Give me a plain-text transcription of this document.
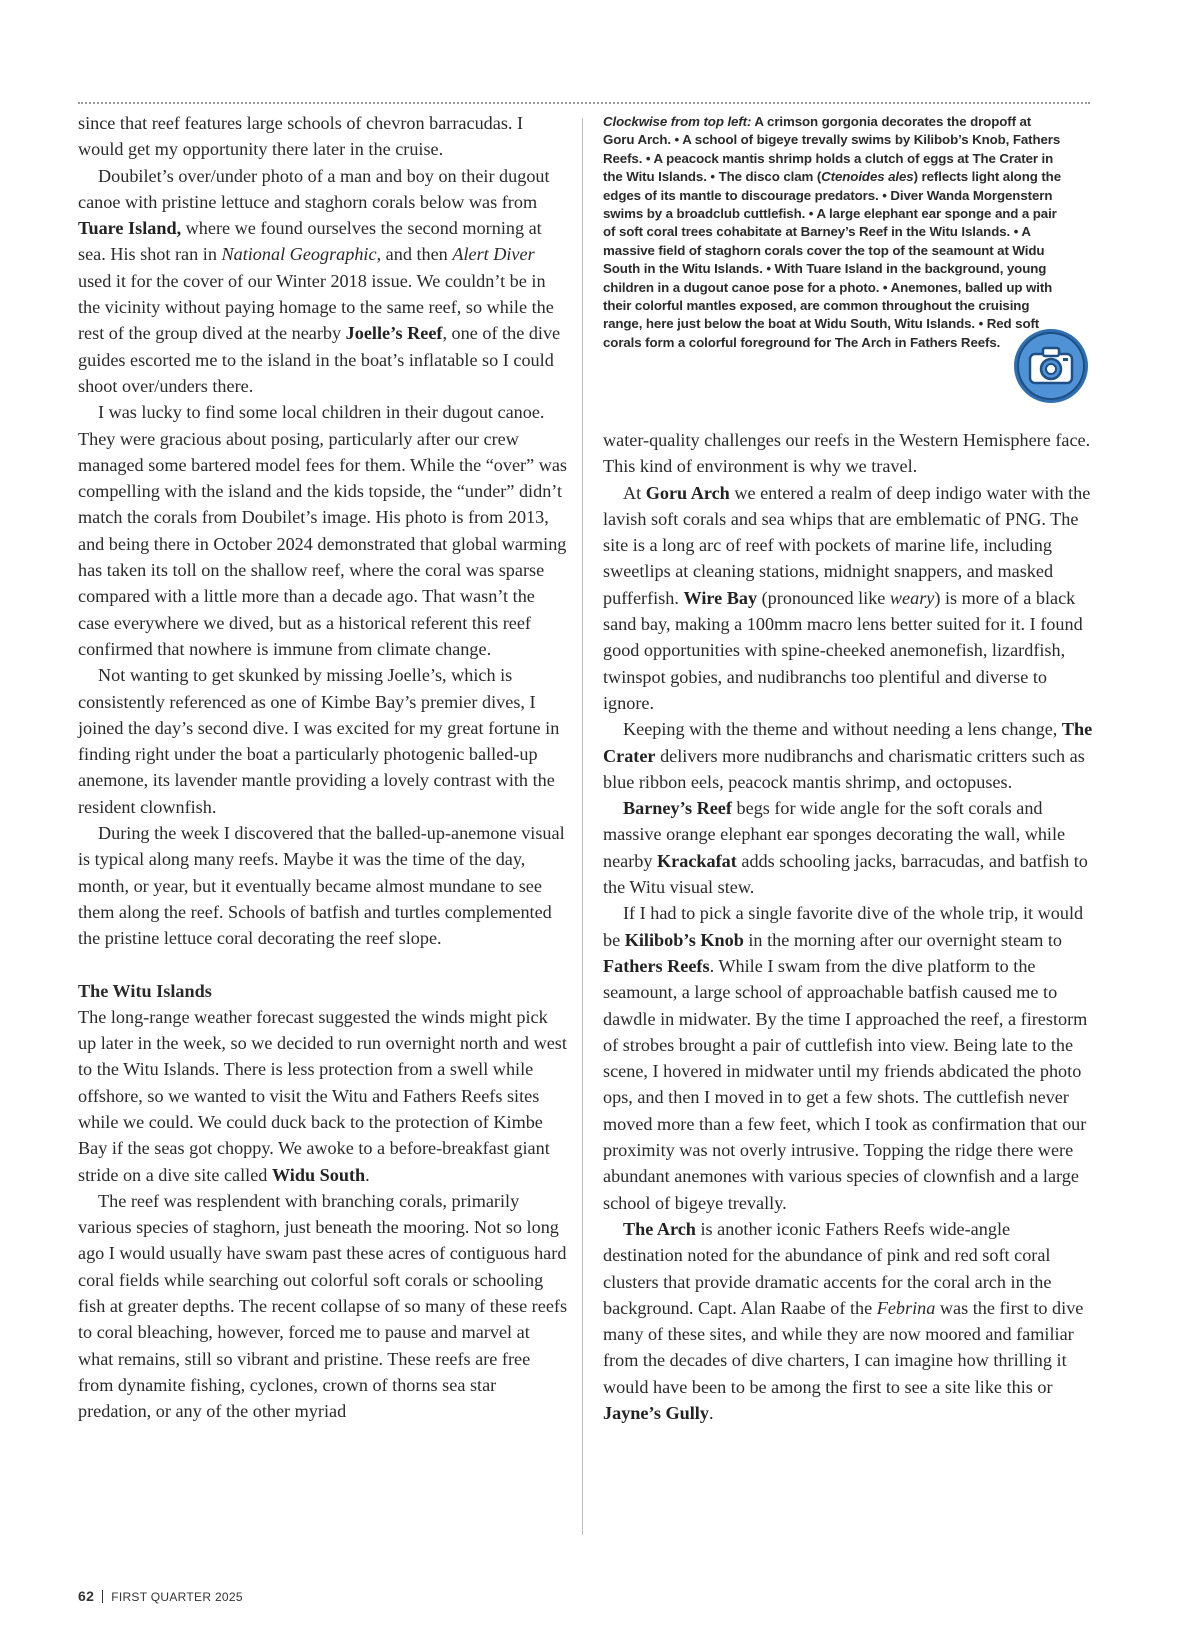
since that reef features large schools of chevron barracudas. I would get my opportunity there later in the cruise.

Doubilet’s over/under photo of a man and boy on their dugout canoe with pristine lettuce and staghorn corals below was from Tuare Island, where we found ourselves the second morning at sea. His shot ran in National Geographic, and then Alert Diver used it for the cover of our Winter 2018 issue. We couldn’t be in the vicinity without paying homage to the same reef, so while the rest of the group dived at the nearby Joelle’s Reef, one of the dive guides escorted me to the island in the boat’s inflatable so I could shoot over/unders there.

I was lucky to find some local children in their dugout canoe. They were gracious about posing, particularly after our crew managed some bartered model fees for them. While the “over” was compelling with the island and the kids topside, the “under” didn’t match the corals from Doubilet’s image. His photo is from 2013, and being there in October 2024 demonstrated that global warming has taken its toll on the shallow reef, where the coral was sparse compared with a little more than a decade ago. That wasn’t the case everywhere we dived, but as a historical referent this reef confirmed that nowhere is immune from climate change.

Not wanting to get skunked by missing Joelle’s, which is consistently referenced as one of Kimbe Bay’s premier dives, I joined the day’s second dive. I was excited for my great fortune in finding right under the boat a particularly photogenic balled-up anemone, its lavender mantle providing a lovely contrast with the resident clownfish.

During the week I discovered that the balled-up-anemone visual is typical along many reefs. Maybe it was the time of the day, month, or year, but it eventually became almost mundane to see them along the reef. Schools of batfish and turtles complemented the pristine lettuce coral decorating the reef slope.

The Witu Islands

The long-range weather forecast suggested the winds might pick up later in the week, so we decided to run overnight north and west to the Witu Islands. There is less protection from a swell while offshore, so we wanted to visit the Witu and Fathers Reefs sites while we could. We could duck back to the protection of Kimbe Bay if the seas got choppy. We awoke to a before-breakfast giant stride on a dive site called Widu South.

The reef was resplendent with branching corals, primarily various species of staghorn, just beneath the mooring. Not so long ago I would usually have swam past these acres of contiguous hard coral fields while searching out colorful soft corals or schooling fish at greater depths. The recent collapse of so many of these reefs to coral bleaching, however, forced me to pause and marvel at what remains, still so vibrant and pristine. These reefs are free from dynamite fishing, cyclones, crown of thorns sea star predation, or any of the other myriad

Clockwise from top left: A crimson gorgonia decorates the dropoff at Goru Arch. • A school of bigeye trevally swims by Kilibob’s Knob, Fathers Reefs. • A peacock mantis shrimp holds a clutch of eggs at The Crater in the Witu Islands. • The disco clam (Ctenoides ales) reflects light along the edges of its mantle to discourage predators. • Diver Wanda Morgenstern swims by a broadclub cuttlefish. • A large elephant ear sponge and a pair of soft coral trees cohabitate at Barney’s Reef in the Witu Islands. • A massive field of staghorn corals cover the top of the seamount at Widu South in the Witu Islands. • With Tuare Island in the background, young children in a dugout canoe pose for a photo. • Anemones, balled up with their colorful mantles exposed, are common throughout the cruising range, here just below the boat at Widu South, Witu Islands. • Red soft corals form a colorful foreground for The Arch in Fathers Reefs.

water-quality challenges our reefs in the Western Hemisphere face. This kind of environment is why we travel.

At Goru Arch we entered a realm of deep indigo water with the lavish soft corals and sea whips that are emblematic of PNG. The site is a long arc of reef with pockets of marine life, including sweetlips at cleaning stations, midnight snappers, and masked pufferfish. Wire Bay (pronounced like weary) is more of a black sand bay, making a 100mm macro lens better suited for it. I found good opportunities with spine-cheeked anemonefish, lizardfish, twinspot gobies, and nudibranchs too plentiful and diverse to ignore.

Keeping with the theme and without needing a lens change, The Crater delivers more nudibranchs and charismatic critters such as blue ribbon eels, peacock mantis shrimp, and octopuses.

Barney’s Reef begs for wide angle for the soft corals and massive orange elephant ear sponges decorating the wall, while nearby Krackafat adds schooling jacks, barracudas, and batfish to the Witu visual stew.

If I had to pick a single favorite dive of the whole trip, it would be Kilibob’s Knob in the morning after our overnight steam to Fathers Reefs. While I swam from the dive platform to the seamount, a large school of approachable batfish caused me to dawdle in midwater. By the time I approached the reef, a firestorm of strobes brought a pair of cuttlefish into view. Being late to the scene, I hovered in midwater until my friends abdicated the photo ops, and then I moved in to get a few shots. The cuttlefish never moved more than a few feet, which I took as confirmation that our proximity was not overly intrusive. Topping the ridge there were abundant anemones with various species of clownfish and a large school of bigeye trevally.

The Arch is another iconic Fathers Reefs wide-angle destination noted for the abundance of pink and red soft coral clusters that provide dramatic accents for the coral arch in the background. Capt. Alan Raabe of the Febrina was the first to dive many of these sites, and while they are now moored and familiar from the decades of dive charters, I can imagine how thrilling it would have been to be among the first to see a site like this or Jayne’s Gully.

62 FIRST QUARTER 2025
